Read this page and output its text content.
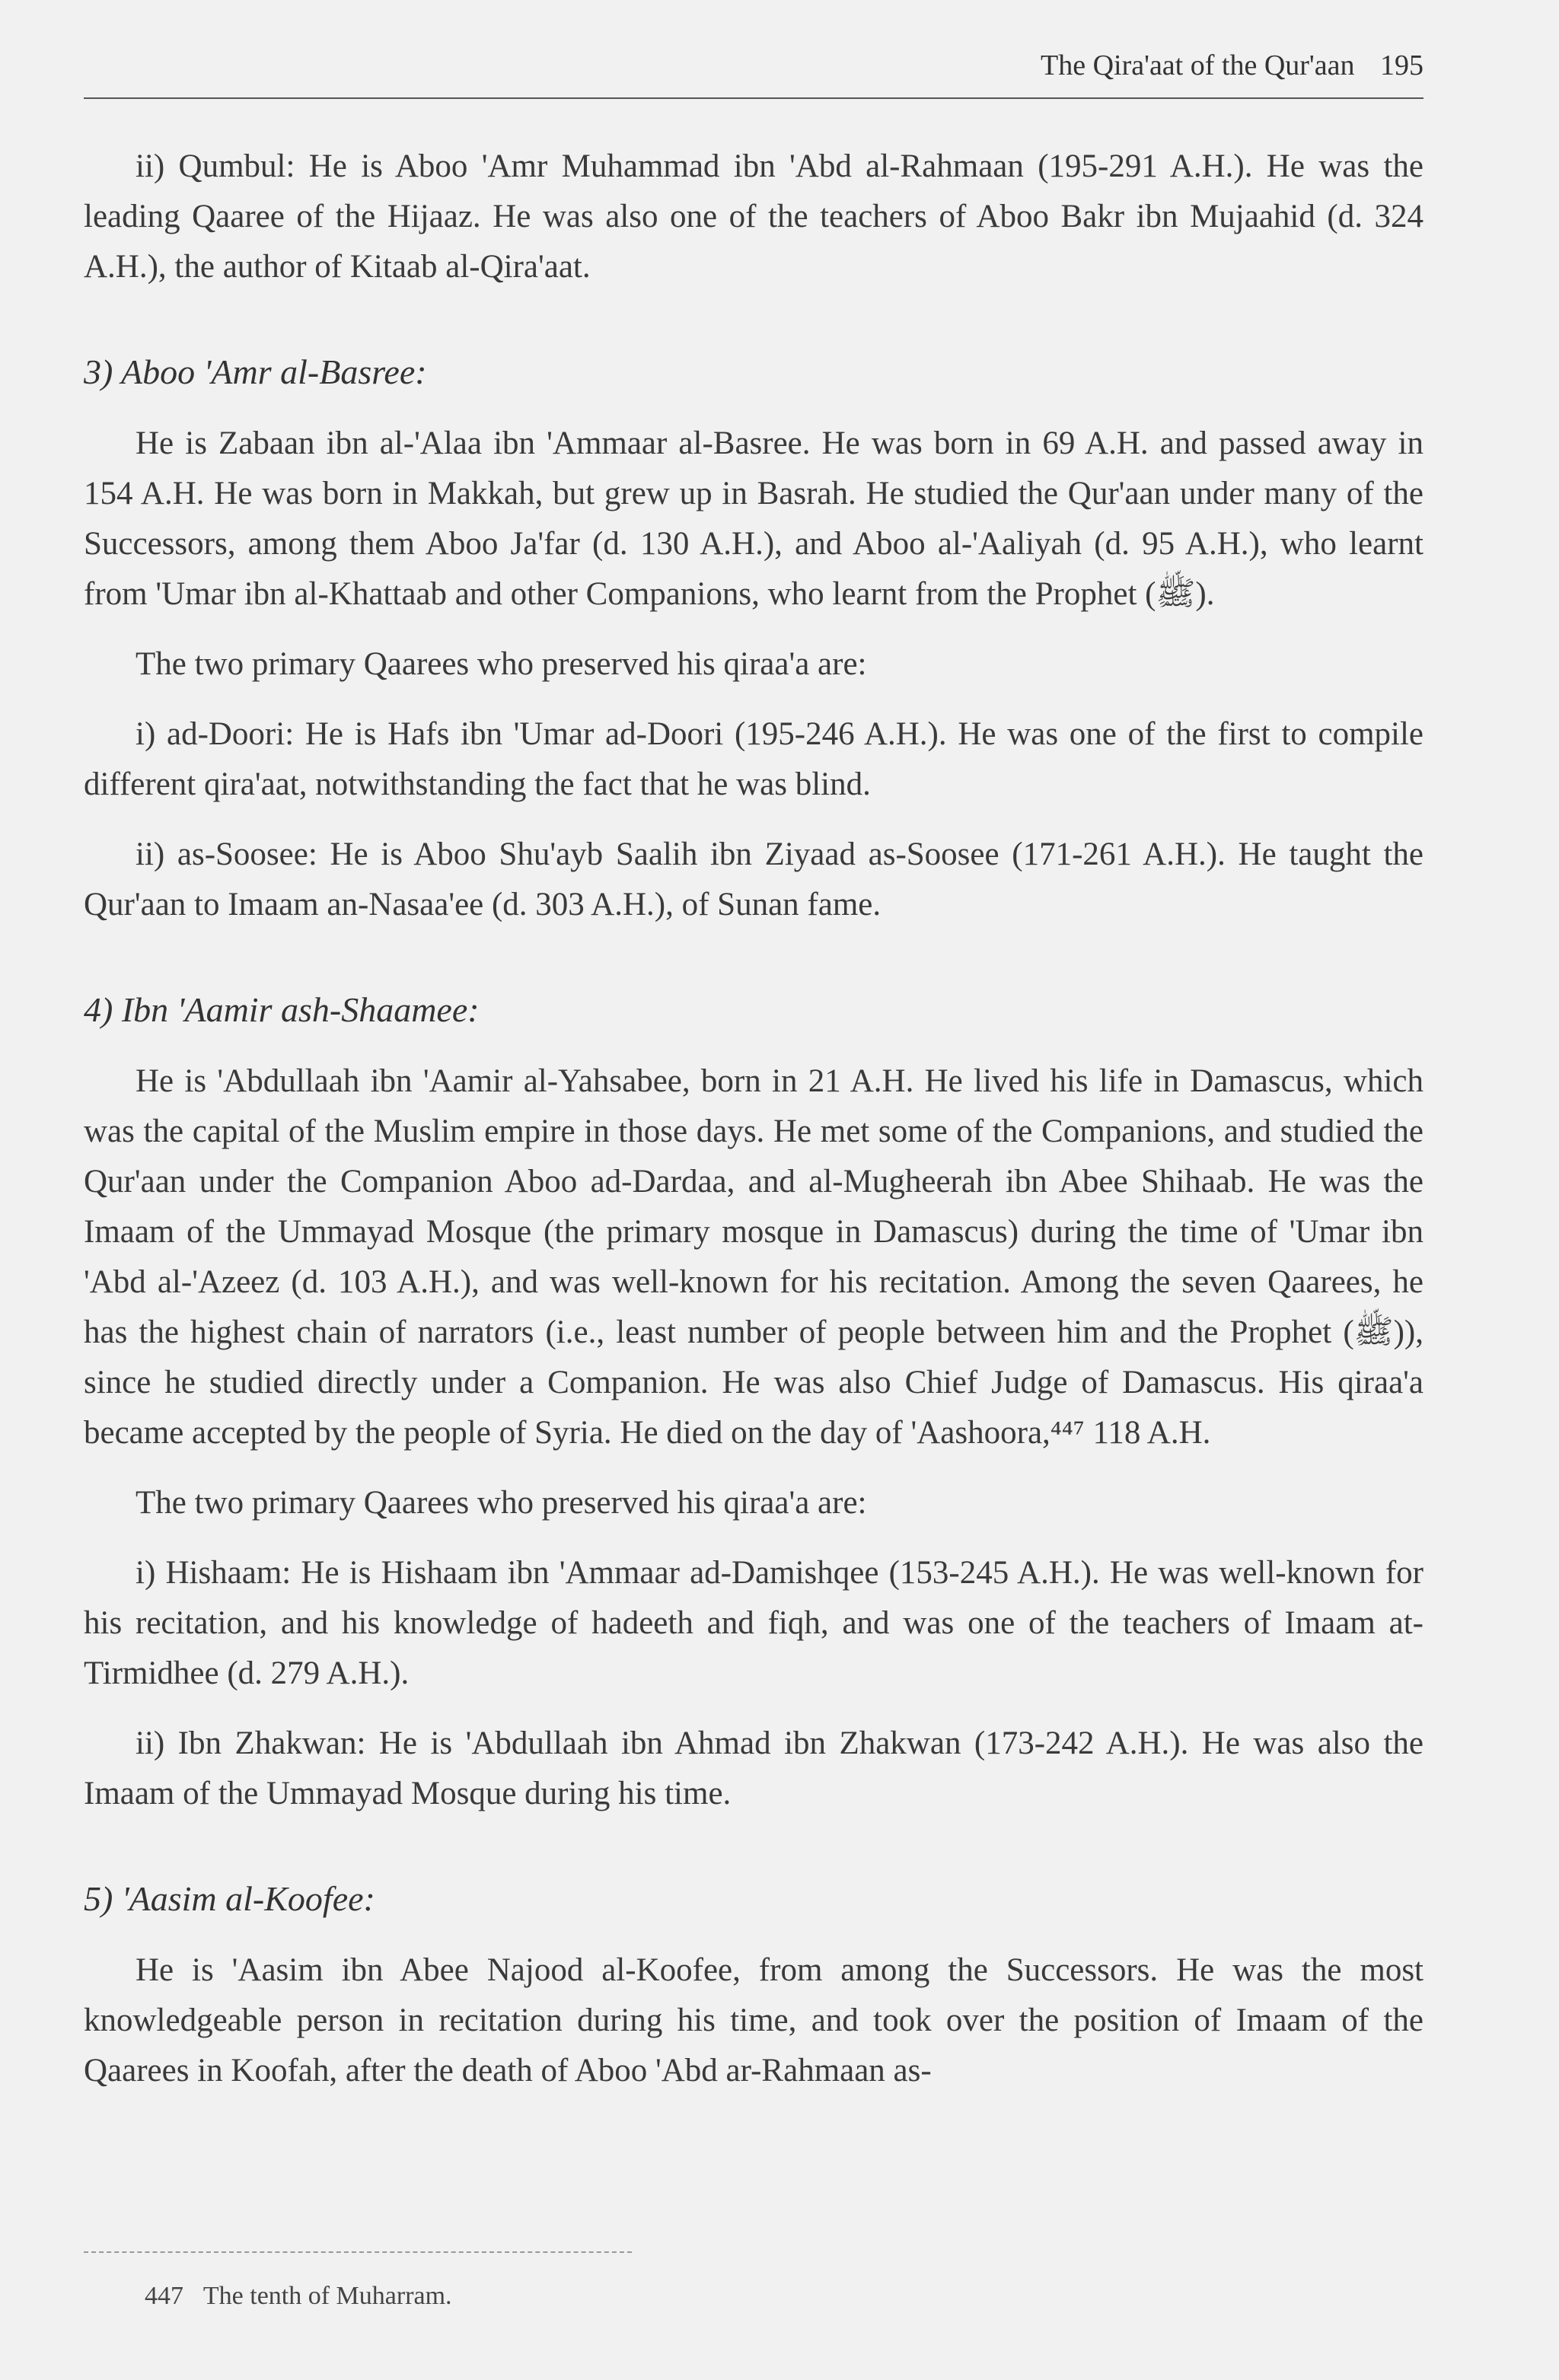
The Qira'aat of the Qur'aan 195

ii) Qumbul: He is Aboo 'Amr Muhammad ibn 'Abd al-Rahmaan (195-291 A.H.). He was the leading Qaaree of the Hijaaz. He was also one of the teachers of Aboo Bakr ibn Mujaahid (d. 324 A.H.), the author of Kitaab al-Qira'aat.

3) Aboo 'Amr al-Basree:

He is Zabaan ibn al-'Alaa ibn 'Ammaar al-Basree. He was born in 69 A.H. and passed away in 154 A.H. He was born in Makkah, but grew up in Basrah. He studied the Qur'aan under many of the Successors, among them Aboo Ja'far (d. 130 A.H.), and Aboo al-'Aaliyah (d. 95 A.H.), who learnt from 'Umar ibn al-Khattaab and other Companions, who learnt from the Prophet (ﷺ).

The two primary Qaarees who preserved his qiraa'a are:

i) ad-Doori: He is Hafs ibn 'Umar ad-Doori (195-246 A.H.). He was one of the first to compile different qira'aat, notwithstanding the fact that he was blind.

ii) as-Soosee: He is Aboo Shu'ayb Saalih ibn Ziyaad as-Soosee (171-261 A.H.). He taught the Qur'aan to Imaam an-Nasaa'ee (d. 303 A.H.), of Sunan fame.

4) Ibn 'Aamir ash-Shaamee:

He is 'Abdullaah ibn 'Aamir al-Yahsabee, born in 21 A.H. He lived his life in Damascus, which was the capital of the Muslim empire in those days. He met some of the Companions, and studied the Qur'aan under the Companion Aboo ad-Dardaa, and al-Mugheerah ibn Abee Shihaab. He was the Imaam of the Ummayad Mosque (the primary mosque in Damascus) during the time of 'Umar ibn 'Abd al-'Azeez (d. 103 A.H.), and was well-known for his recitation. Among the seven Qaarees, he has the highest chain of narrators (i.e., least number of people between him and the Prophet (ﷺ)), since he studied directly under a Companion. He was also Chief Judge of Damascus. His qiraa'a became accepted by the people of Syria. He died on the day of 'Aashoora,⁴⁴⁷ 118 A.H.

The two primary Qaarees who preserved his qiraa'a are:

i) Hishaam: He is Hishaam ibn 'Ammaar ad-Damishqee (153-245 A.H.). He was well-known for his recitation, and his knowledge of hadeeth and fiqh, and was one of the teachers of Imaam at-Tirmidhee (d. 279 A.H.).

ii) Ibn Zhakwan: He is 'Abdullaah ibn Ahmad ibn Zhakwan (173-242 A.H.). He was also the Imaam of the Ummayad Mosque during his time.

5) 'Aasim al-Koofee:

He is 'Aasim ibn Abee Najood al-Koofee, from among the Successors. He was the most knowledgeable person in recitation during his time, and took over the position of Imaam of the Qaarees in Koofah, after the death of Aboo 'Abd ar-Rahmaan as-

447 The tenth of Muharram.
